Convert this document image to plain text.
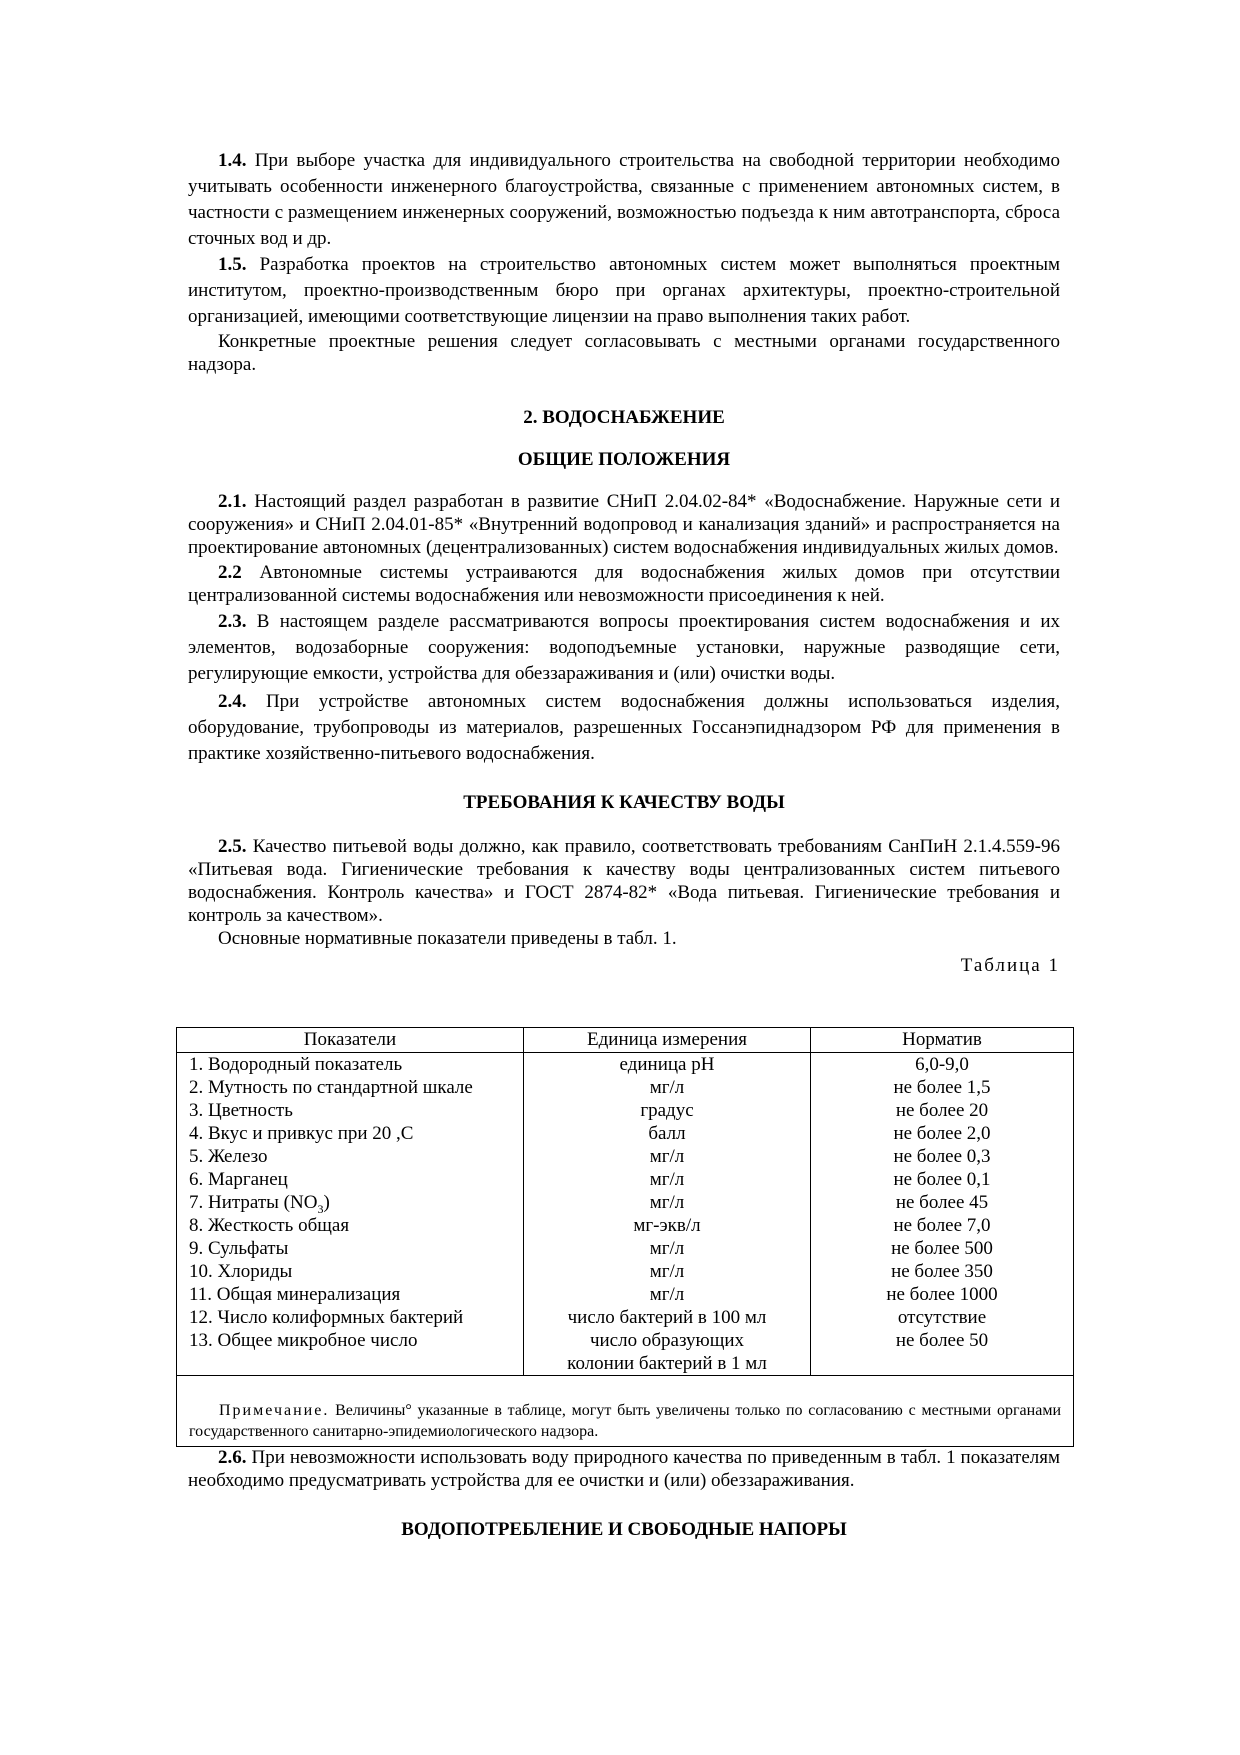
1.4. При выборе участка для индивидуального строительства на свободной территории необходимо учитывать особенности инженерного благоустройства, связанные с применением автономных систем, в частности с размещением инженерных сооружений, возможностью подъезда к ним автотранспорта, сброса сточных вод и др.

1.5. Разработка проектов на строительство автономных систем может выполняться проектным институтом, проектно-производственным бюро при органах архитектуры, проектно-строительной организацией, имеющими соответствующие лицензии на право выполнения таких работ.

Конкретные проектные решения следует согласовывать с местными органами государственного надзора.

2. ВОДОСНАБЖЕНИЕ
ОБЩИЕ ПОЛОЖЕНИЯ

2.1. Настоящий раздел разработан в развитие СНиП 2.04.02-84* «Водоснабжение. Наружные сети и сооружения» и СНиП 2.04.01-85* «Внутренний водопровод и канализация зданий» и распространяется на проектирование автономных (децентрализованных) систем водоснабжения индивидуальных жилых домов.

2.2 Автономные системы устраиваются для водоснабжения жилых домов при отсутствии централизованной системы водоснабжения или невозможности присоединения к ней.

2.3. В настоящем разделе рассматриваются вопросы проектирования систем водоснабжения и их элементов, водозаборные сооружения: водоподъемные установки, наружные разводящие сети, регулирующие емкости, устройства для обеззараживания и (или) очистки воды.

2.4. При устройстве автономных систем водоснабжения должны использоваться изделия, оборудование, трубопроводы из материалов, разрешенных Госсанэпиднадзором РФ для применения в практике хозяйственно-питьевого водоснабжения.

ТРЕБОВАНИЯ К КАЧЕСТВУ ВОДЫ

2.5. Качество питьевой воды должно, как правило, соответствовать требованиям СанПиН 2.1.4.559-96 «Питьевая вода. Гигиенические требования к качеству воды централизованных систем питьевого водоснабжения. Контроль качества» и ГОСТ 2874-82* «Вода питьевая. Гигиенические требования и контроль за качеством».

Основные нормативные показатели приведены в табл. 1.

Таблица 1
Показатели	Единица измерения	Норматив
1. Водородный показатель	единица pH	6,0-9,0
2. Мутность по стандартной шкале	мг/л	не более 1,5
3. Цветность	градус	не более 20
4. Вкус и привкус при 20 ,С	балл	не более 2,0
5. Железо	мг/л	не более 0,3
6. Марганец	мг/л	не более 0,1
7. Нитраты $(NO_3)$	мг/л	не более 45
8. Жесткость общая	мг-экв/л	не более 7,0
9. Сульфаты	мг/л	не более 500
10. Хлориды	мг/л	не более 350
11. Общая минерализация	мг/л	не более 1000
12. Число колиформных бактерий	число бактерий в 100 мл	отсутствие
13. Общее микробное число	число образующих колонии бактерий в 1 мл	не более 50
Примечание. Величины° указанные в таблице, могут быть увеличены только по согласованию с местными органами государственного санитарно-эпидемиологического надзора.		

2.6. При невозможности использовать воду природного качества по приведенным в табл. 1 показателям необходимо предусматривать устройства для ее очистки и (или) обеззараживания.

ВОДОПОТРЕБЛЕНИЕ И СВОБОДНЫЕ НАПОРЫ
